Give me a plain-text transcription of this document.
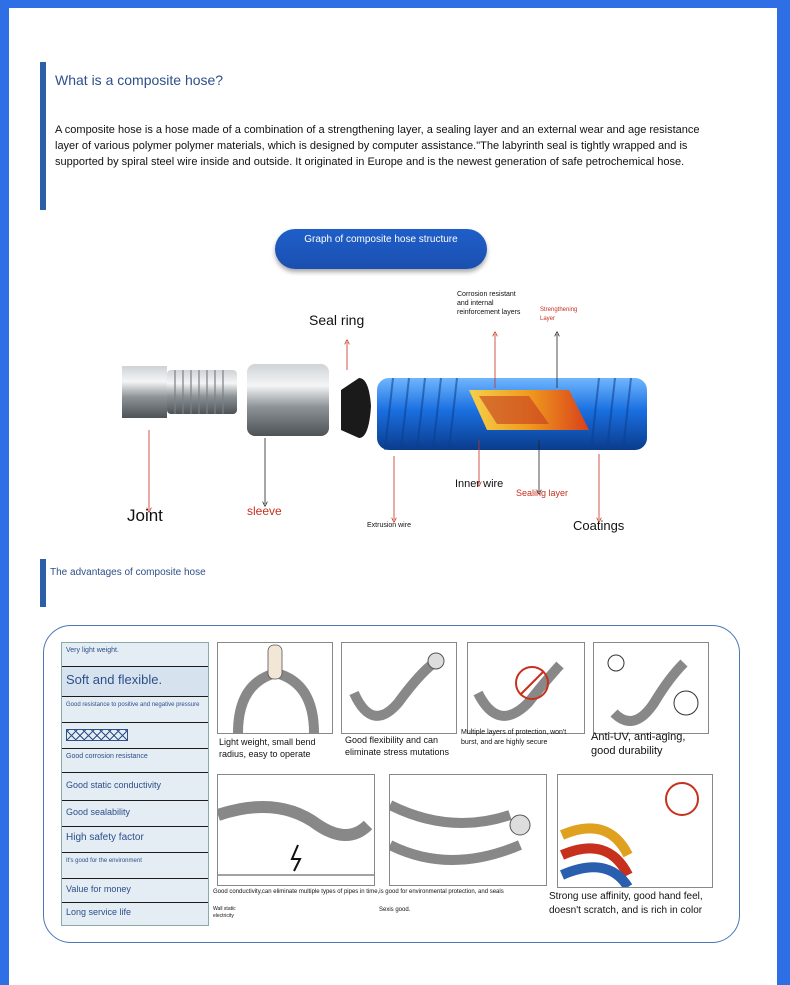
What is a composite hose?
A composite hose is a hose made of a combination of a strengthening layer, a sealing layer and an external wear and age resistance layer of various polymer polymer materials, which is designed by computer assistance."The labyrinth seal is tightly wrapped and is supported by spiral steel wire inside and outside. It originated in Europe and is the newest generation of safe petrochemical hose.
Graph of composite hose structure
Seal ring
Corrosion resistant
and internal
reinforcement layers	Strengthening
Layer
Joint	sleeve
Extrusion wire
Inner wire
Sealing layer
Coatings
The advantages of composite hose
Very light weight.
Soft and flexible.
Good resistance to positive and negative pressure
Good corrosion resistance
Good static conductivity
Good sealability
High safety factor
It's good for the environment
Value for money
Long service life
Light weight, small bend radius, easy to operate
Good flexibility and can eliminate stress mutations
Multiple layers of protection, won't burst, and are highly secure	Anti-UV, anti-aging, good durability
Good conductivity,can eliminate multiple types of pipes in time,is good for environmental protection, and seals
Wall static electricity
Sexis good.
Strong use affinity, good hand feel, doesn't scratch, and is rich in color
